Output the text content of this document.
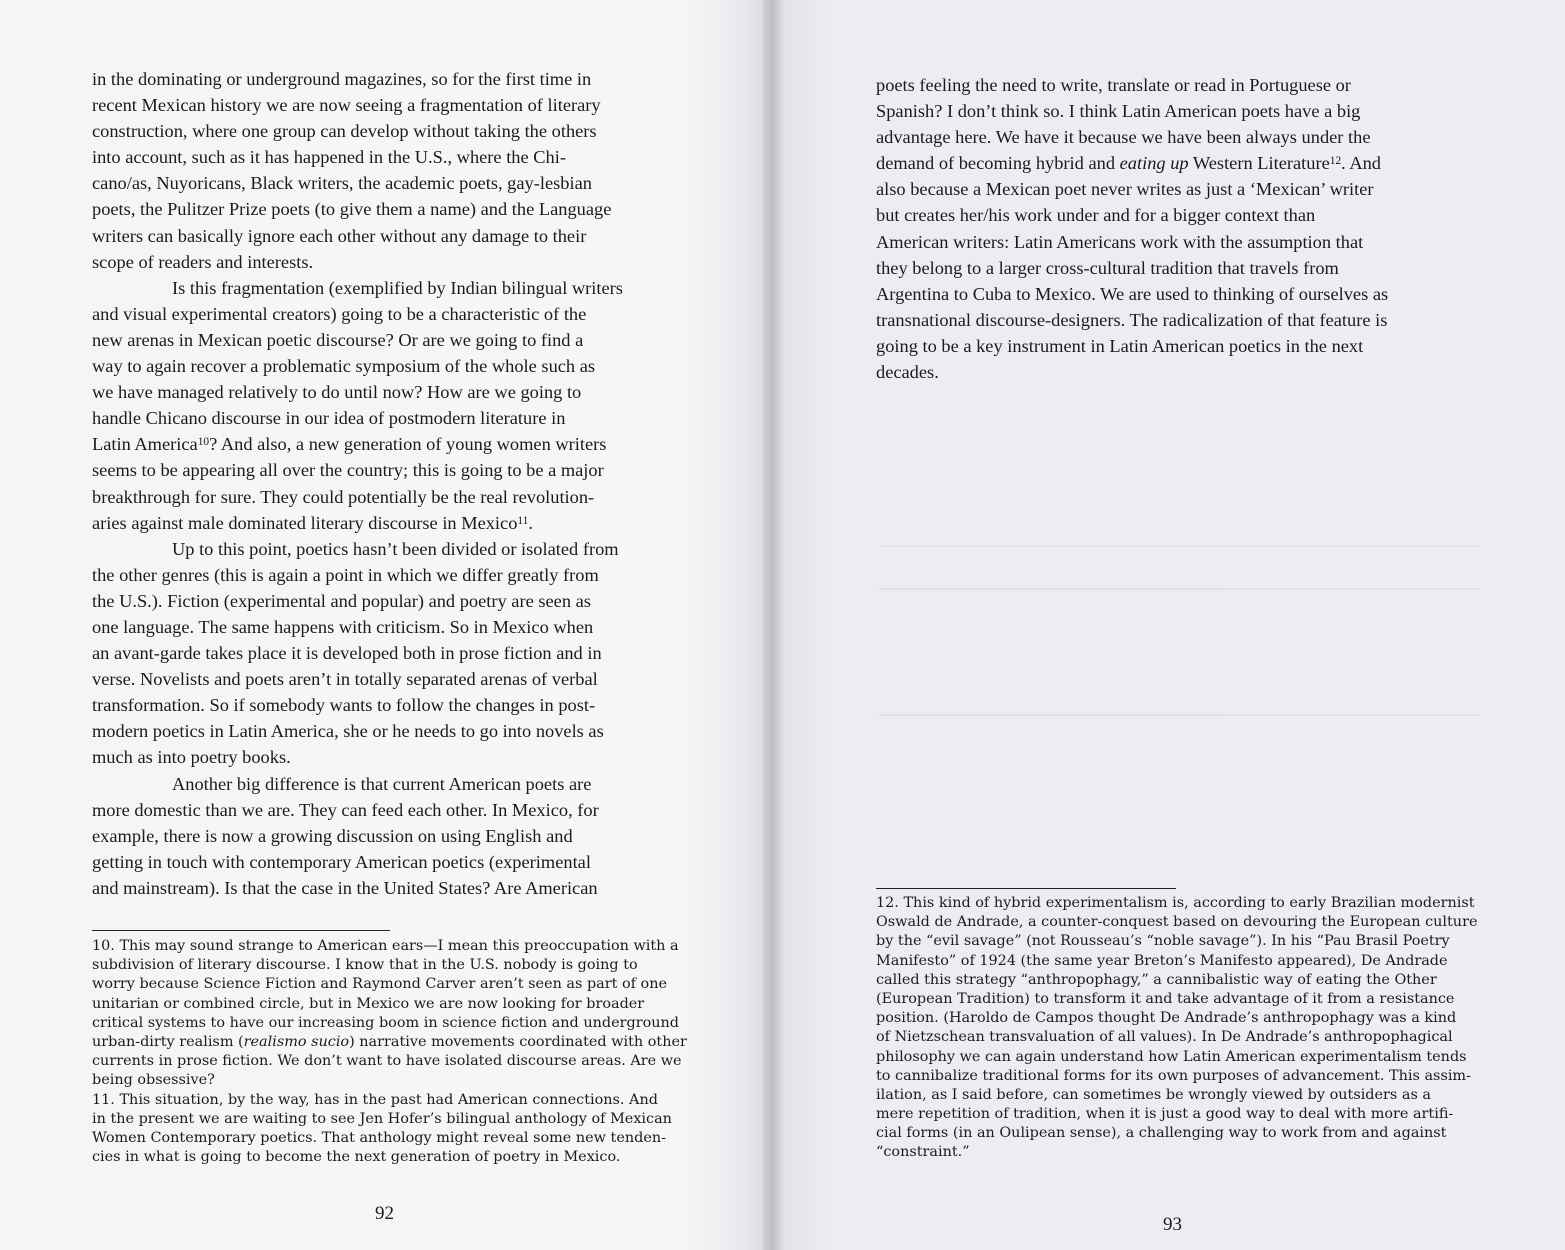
in the dominating or underground magazines, so for the first time in
recent Mexican history we are now seeing a fragmentation of literary
construction, where one group can develop without taking the others
into account, such as it has happened in the U.S., where the Chi-
cano/as, Nuyoricans, Black writers, the academic poets, gay-lesbian
poets, the Pulitzer Prize poets (to give them a name) and the Language
writers can basically ignore each other without any damage to their
scope of readers and interests.
Is this fragmentation (exemplified by Indian bilingual writers
and visual experimental creators) going to be a characteristic of the
new arenas in Mexican poetic discourse? Or are we going to find a
way to again recover a problematic symposium of the whole such as
we have managed relatively to do until now? How are we going to
handle Chicano discourse in our idea of postmodern literature in
Latin America$^{10}$? And also, a new generation of young women writers
seems to be appearing all over the country; this is going to be a major
breakthrough for sure. They could potentially be the real revolution-
aries against male dominated literary discourse in Mexico$^{11}$.
Up to this point, poetics hasn’t been divided or isolated from
the other genres (this is again a point in which we differ greatly from
the U.S.). Fiction (experimental and popular) and poetry are seen as
one language. The same happens with criticism. So in Mexico when
an avant-garde takes place it is developed both in prose fiction and in
verse. Novelists and poets aren’t in totally separated arenas of verbal
transformation. So if somebody wants to follow the changes in post-
modern poetics in Latin America, she or he needs to go into novels as
much as into poetry books.
Another big difference is that current American poets are
more domestic than we are. They can feed each other. In Mexico, for
example, there is now a growing discussion on using English and
getting in touch with contemporary American poetics (experimental
and mainstream). Is that the case in the United States? Are American
10. This may sound strange to American ears—I mean this preoccupation with a
subdivision of literary discourse. I know that in the U.S. nobody is going to
worry because Science Fiction and Raymond Carver aren’t seen as part of one
unitarian or combined circle, but in Mexico we are now looking for broader
critical systems to have our increasing boom in science fiction and underground
urban-dirty realism (realismo sucio) narrative movements coordinated with other
currents in prose fiction. We don’t want to have isolated discourse areas. Are we
being obsessive?
11. This situation, by the way, has in the past had American connections. And
in the present we are waiting to see Jen Hofer’s bilingual anthology of Mexican
Women Contemporary poetics. That anthology might reveal some new tenden-
cies in what is going to become the next generation of poetry in Mexico.
92
poets feeling the need to write, translate or read in Portuguese or
Spanish? I don’t think so. I think Latin American poets have a big
advantage here. We have it because we have been always under the
demand of becoming hybrid and eating up Western Literature$^{12}$. And
also because a Mexican poet never writes as just a ‘Mexican’ writer
but creates her/his work under and for a bigger context than
American writers: Latin Americans work with the assumption that
they belong to a larger cross-cultural tradition that travels from
Argentina to Cuba to Mexico. We are used to thinking of ourselves as
transnational discourse-designers. The radicalization of that feature is
going to be a key instrument in Latin American poetics in the next
decades.
12. This kind of hybrid experimentalism is, according to early Brazilian modernist
Oswald de Andrade, a counter-conquest based on devouring the European culture
by the “evil savage” (not Rousseau’s “noble savage”). In his “Pau Brasil Poetry
Manifesto” of 1924 (the same year Breton’s Manifesto appeared), De Andrade
called this strategy “anthropophagy,” a cannibalistic way of eating the Other
(European Tradition) to transform it and take advantage of it from a resistance
position. (Haroldo de Campos thought De Andrade’s anthropophagy was a kind
of Nietzschean transvaluation of all values). In De Andrade’s anthropophagical
philosophy we can again understand how Latin American experimentalism tends
to cannibalize traditional forms for its own purposes of advancement. This assim-
ilation, as I said before, can sometimes be wrongly viewed by outsiders as a
mere repetition of tradition, when it is just a good way to deal with more artifi-
cial forms (in an Oulipean sense), a challenging way to work from and against
“constraint.”
93
